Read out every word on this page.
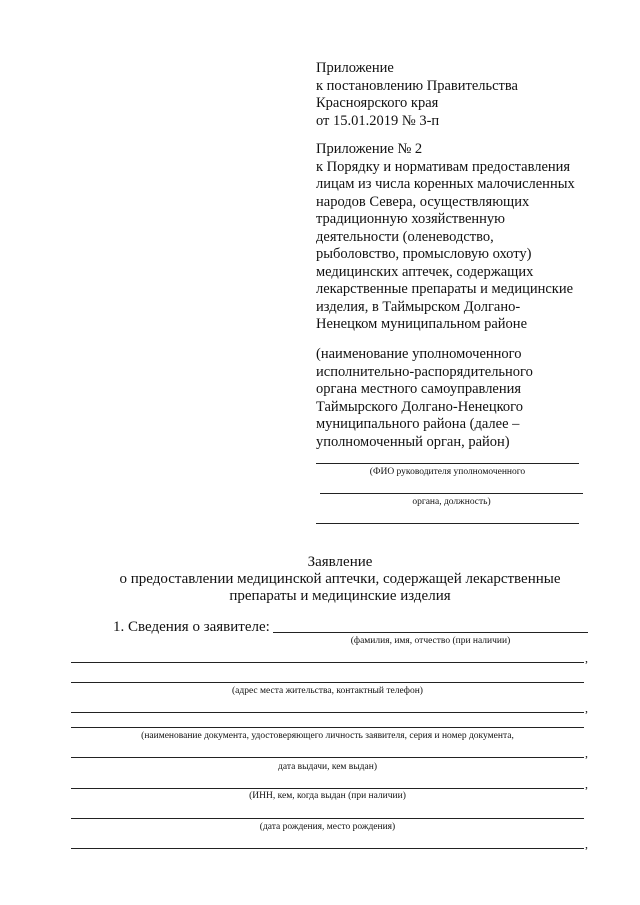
Приложение
к постановлению Правительства
Красноярского края
от 15.01.2019 № 3-п
Приложение № 2
к Порядку и нормативам предоставления
лицам из числа коренных малочисленных
народов Севера, осуществляющих
традиционную хозяйственную
деятельности (оленеводство,
рыболовство, промысловую охоту)
медицинских аптечек, содержащих
лекарственные препараты и медицинские
изделия, в Таймырском Долгано-
Ненецком муниципальном районе
(наименование уполномоченного
исполнительно-распорядительного
органа местного самоуправления
Таймырского Долгано-Ненецкого
муниципального района (далее –
уполномоченный орган, район)
(ФИО руководителя уполномоченного
органа, должность)
Заявление
о предоставлении медицинской аптечки, содержащей лекарственные
препараты и медицинские изделия
1. Сведения о заявителе:
(фамилия, имя, отчество (при наличии)
,
(адрес места жительства, контактный телефон)
,
(наименование документа, удостоверяющего личность заявителя, серия и номер документа,
,
дата выдачи, кем выдан)
,
(ИНН, кем, когда выдан (при наличии)
(дата рождения, место рождения)
,
